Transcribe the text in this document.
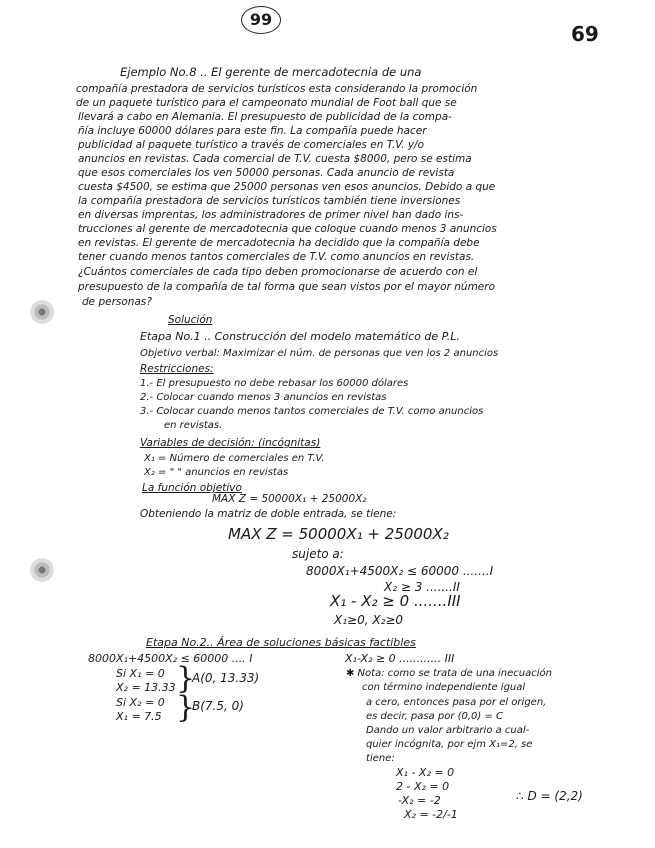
99
69
Ejemplo No.8 .. El gerente de mercadotecnia de una
compañía prestadora de servicios turísticos esta considerando la promoción
de un paquete turístico para el campeonato mundial de Foot ball que se
llevará a cabo en Alemania. El presupuesto de publicidad de la compa-
ñía incluye 60000 dólares para este fin. La compañía puede hacer
publicidad al paquete turístico a través de comerciales en T.V. y/o
anuncios en revistas. Cada comercial de T.V. cuesta $8000, pero se estima
que esos comerciales los ven 50000 personas. Cada anuncio de revista
cuesta $4500, se estima que 25000 personas ven esos anuncios. Debido a que
la compañía prestadora de servicios turísticos también tiene inversiones
en diversas imprentas, los administradores de primer nivel han dado ins-
trucciones al gerente de mercadotecnia que coloque cuando menos 3 anuncios
en revistas. El gerente de mercadotecnia ha decidido que la compañía debe
tener cuando menos tantos comerciales de T.V. como anuncios en revistas.
¿Cuántos comerciales de cada tipo deben promocionarse de acuerdo con el
presupuesto de la compañía de tal forma que sean vistos por el mayor número
de personas?
Solución
Etapa No.1 .. Construcción del modelo matemático de P.L.
Objetivo verbal: Maximizar el núm. de personas que ven los 2 anuncios
Restricciones:
1.- El presupuesto no debe rebasar los 60000 dólares
2.- Colocar cuando menos 3 anuncios en revistas
3.- Colocar cuando menos tantos comerciales de T.V. como anuncios
en revistas.
Variables de decisión: (incógnitas)
X₁ = Número de comerciales en T.V.
X₂ = " " anuncios en revistas
La función objetivo
MAX Z = 50000X₁ + 25000X₂
Obteniendo la matriz de doble entrada, se tiene:
MAX Z = 50000X₁ + 25000X₂
sujeto a:
8000X₁+4500X₂ ≤ 60000 .......I
X₂ ≥ 3 .......II
X₁ - X₂ ≥ 0 .......III
X₁≥0, X₂≥0
Etapa No.2.. Área de soluciones básicas factibles
8000X₁+4500X₂ ≤ 60000 .... I	X₁-X₂ ≥ 0 ............ III
Si X₁ = 0
X₂ = 13.33 }
A(0, 13.33)
Si X₂ = 0
X₁ = 7.5 }
B(7.5, 0)
✱ Nota: como se trata de una inecuación
con término independiente igual
a cero, entonces pasa por el origen,
es decir, pasa por (0,0) = C
Dando un valor arbitrario a cual-
quier incógnita, por ejm X₁=2, se
tiene:
X₁ - X₂ = 0
2 - X₂ = 0
-X₂ = -2
X₂ = -2/-1
∴ D = (2,2)
